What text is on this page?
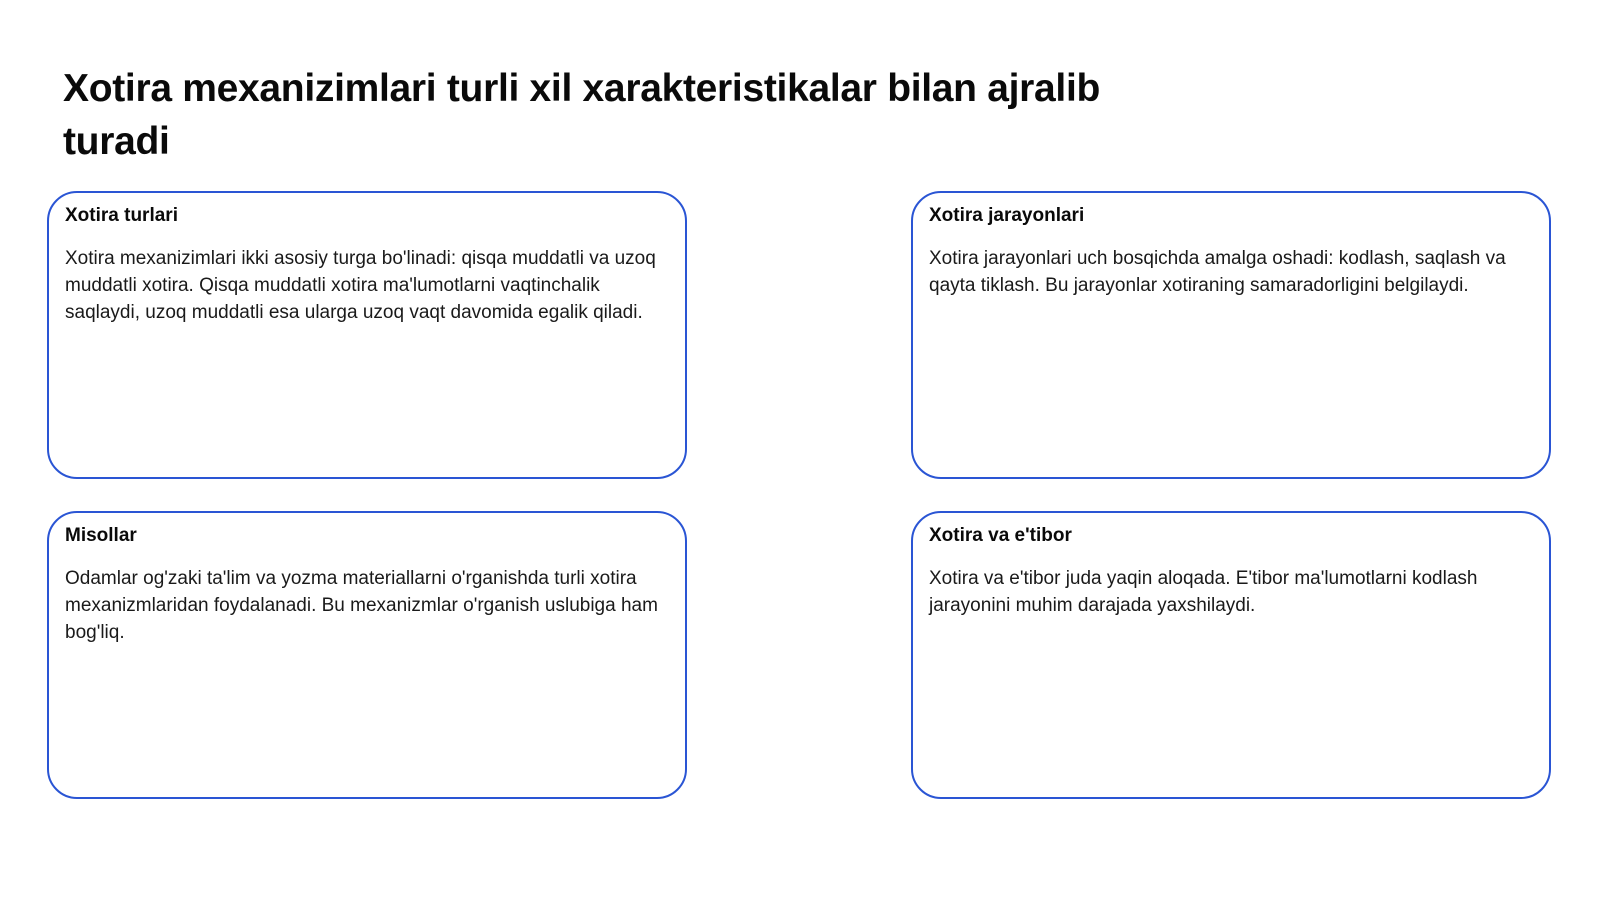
Xotira mexanizimlari turli xil xarakteristikalar bilan ajralib turadi
Xotira turlari

Xotira mexanizimlari ikki asosiy turga bo'linadi: qisqa muddatli va uzoq muddatli xotira. Qisqa muddatli xotira ma'lumotlarni vaqtinchalik saqlaydi, uzoq muddatli esa ularga uzoq vaqt davomida egalik qiladi.

Xotira jarayonlari

Xotira jarayonlari uch bosqichda amalga oshadi: kodlash, saqlash va qayta tiklash. Bu jarayonlar xotiraning samaradorligini belgilaydi.

Misollar

Odamlar og'zaki ta'lim va yozma materiallarni o'rganishda turli xotira mexanizmlaridan foydalanadi. Bu mexanizmlar o'rganish uslubiga ham bog'liq.

Xotira va e'tibor

Xotira va e'tibor juda yaqin aloqada. E'tibor ma'lumotlarni kodlash jarayonini muhim darajada yaxshilaydi.
